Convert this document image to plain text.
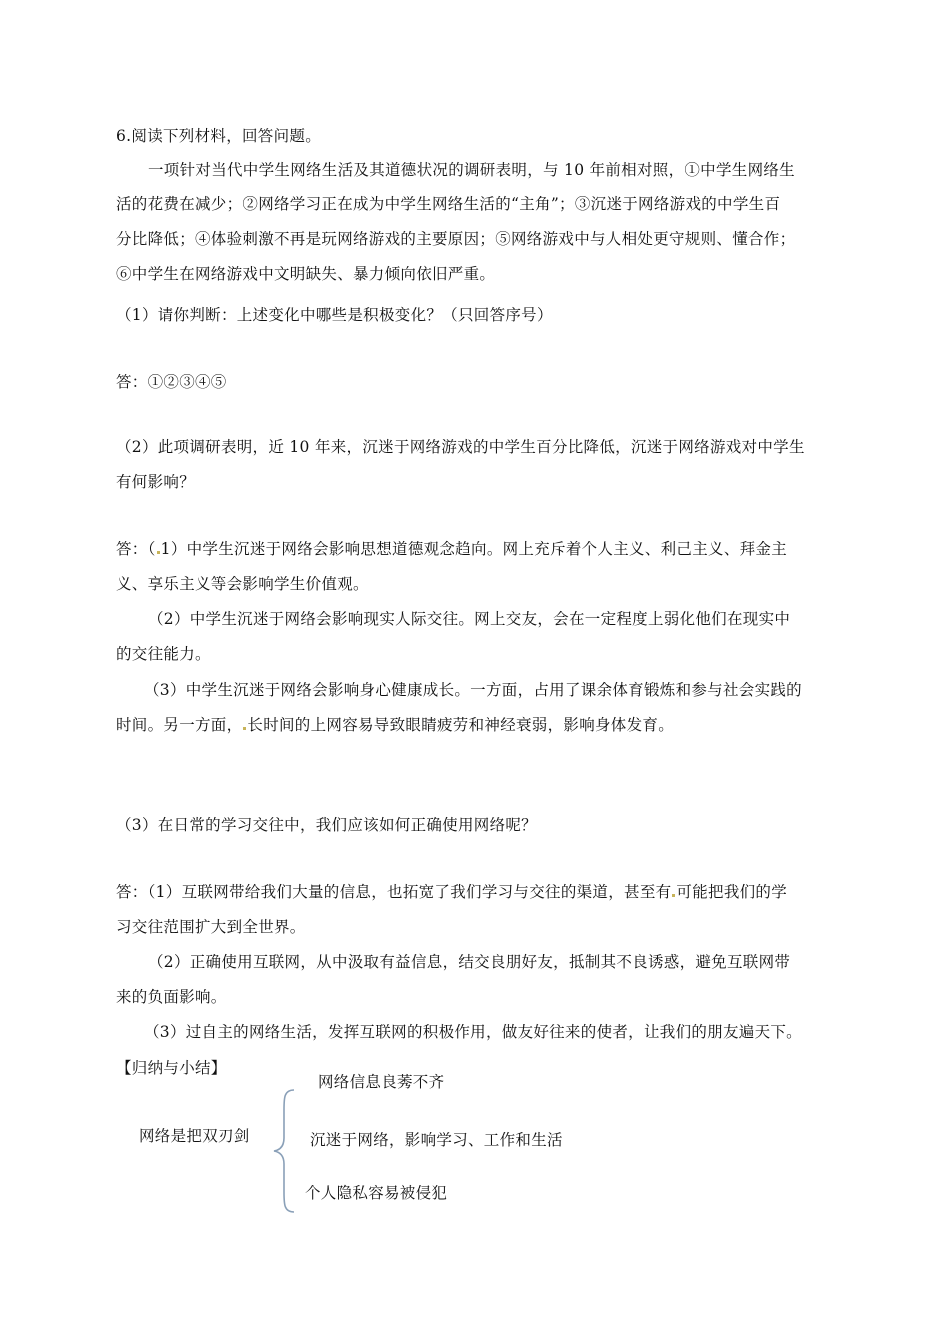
6.阅读下列材料，回答问题。
一项针对当代中学生网络生活及其道德状况的调研表明，与 10 年前相对照，①中学生网络生
活的花费在减少；②网络学习正在成为中学生网络生活的“主角”；③沉迷于网络游戏的中学生百
分比降低；④体验刺激不再是玩网络游戏的主要原因；⑤网络游戏中与人相处更守规则、懂合作；
⑥中学生在网络游戏中文明缺失、暴力倾向依旧严重。
（1）请你判断：上述变化中哪些是积极变化？（只回答序号）
答：①②③④⑤
（2）此项调研表明，近 10 年来，沉迷于网络游戏的中学生百分比降低，沉迷于网络游戏对中学生
有何影响？
答：（ 1）中学生沉迷于网络会影响思想道德观念趋向。网上充斥着个人主义、利己主义、拜金主
义、享乐主义等会影响学生价值观。
（2）中学生沉迷于网络会影响现实人际交往。网上交友，会在一定程度上弱化他们在现实中
的交往能力。
（3）中学生沉迷于网络会影响身心健康成长。一方面，占用了课余体育锻炼和参与社会实践的
时间。另一方面， 长时间的上网容易导致眼睛疲劳和神经衰弱，影响身体发育。
（3）在日常的学习交往中，我们应该如何正确使用网络呢？
答：（1）互联网带给我们大量的信息，也拓宽了我们学习与交往的渠道，甚至有 可能把我们的学
习交往范围扩大到全世界。
（2）正确使用互联网，从中汲取有益信息，结交良朋好友，抵制其不良诱惑，避免互联网带
来的负面影响。
（3）过自主的网络生活，发挥互联网的积极作用，做友好往来的使者，让我们的朋友遍天下。
【归纳与小结】
网络是把双刃剑
网络信息良莠不齐
沉迷于网络，影响学习、工作和生活
个人隐私容易被侵犯
